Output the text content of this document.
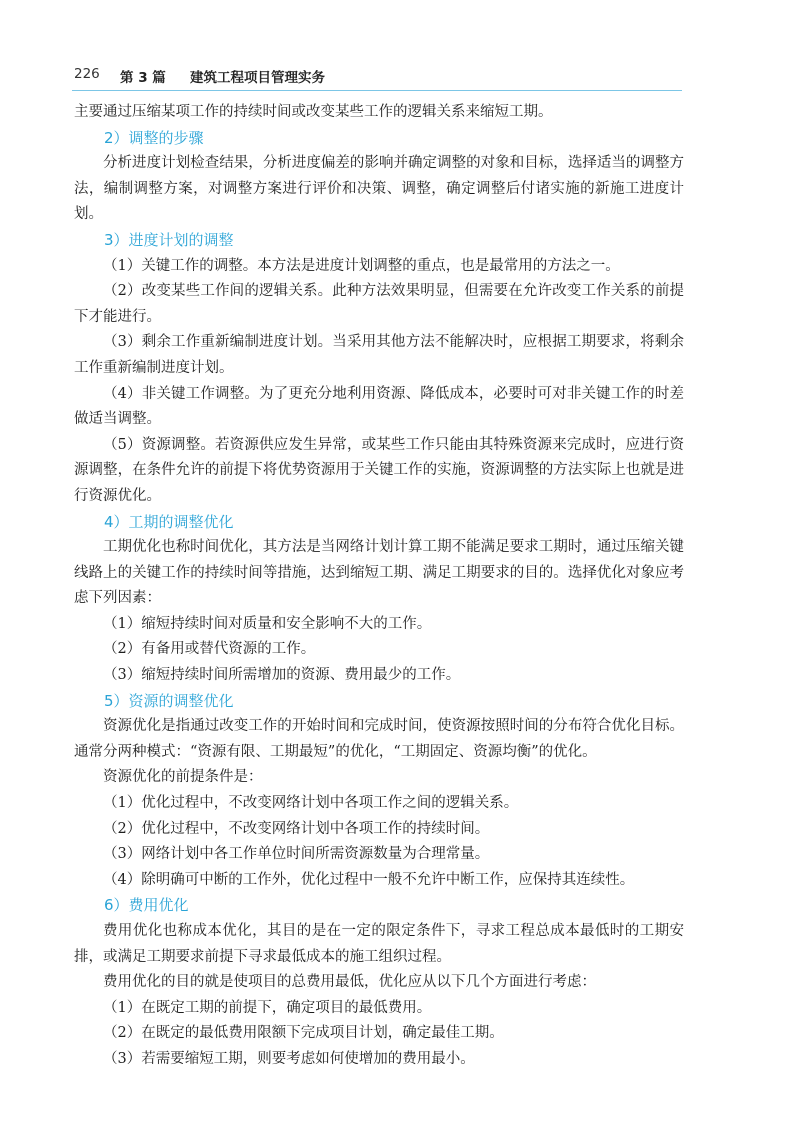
226 第 3 篇 建筑工程项目管理实务

主要通过压缩某项工作的持续时间或改变某些工作的逻辑关系来缩短工期。

2）调整的步骤

分析进度计划检查结果，分析进度偏差的影响并确定调整的对象和目标，选择适当的调整方法，编制调整方案，对调整方案进行评价和决策、调整，确定调整后付诸实施的新施工进度计划。

3）进度计划的调整

（1）关键工作的调整。本方法是进度计划调整的重点，也是最常用的方法之一。

（2）改变某些工作间的逻辑关系。此种方法效果明显，但需要在允许改变工作关系的前提下才能进行。

（3）剩余工作重新编制进度计划。当采用其他方法不能解决时，应根据工期要求，将剩余工作重新编制进度计划。

（4）非关键工作调整。为了更充分地利用资源、降低成本，必要时可对非关键工作的时差做适当调整。

（5）资源调整。若资源供应发生异常，或某些工作只能由其特殊资源来完成时，应进行资源调整，在条件允许的前提下将优势资源用于关键工作的实施，资源调整的方法实际上也就是进行资源优化。

4）工期的调整优化

工期优化也称时间优化，其方法是当网络计划计算工期不能满足要求工期时，通过压缩关键线路上的关键工作的持续时间等措施，达到缩短工期、满足工期要求的目的。选择优化对象应考虑下列因素：

（1）缩短持续时间对质量和安全影响不大的工作。

（2）有备用或替代资源的工作。

（3）缩短持续时间所需增加的资源、费用最少的工作。

5）资源的调整优化

资源优化是指通过改变工作的开始时间和完成时间，使资源按照时间的分布符合优化目标。通常分两种模式：“资源有限、工期最短”的优化，“工期固定、资源均衡”的优化。

资源优化的前提条件是：

（1）优化过程中，不改变网络计划中各项工作之间的逻辑关系。

（2）优化过程中，不改变网络计划中各项工作的持续时间。

（3）网络计划中各工作单位时间所需资源数量为合理常量。

（4）除明确可中断的工作外，优化过程中一般不允许中断工作，应保持其连续性。

6）费用优化

费用优化也称成本优化，其目的是在一定的限定条件下，寻求工程总成本最低时的工期安排，或满足工期要求前提下寻求最低成本的施工组织过程。

费用优化的目的就是使项目的总费用最低，优化应从以下几个方面进行考虑：

（1）在既定工期的前提下，确定项目的最低费用。

（2）在既定的最低费用限额下完成项目计划，确定最佳工期。

（3）若需要缩短工期，则要考虑如何使增加的费用最小。
